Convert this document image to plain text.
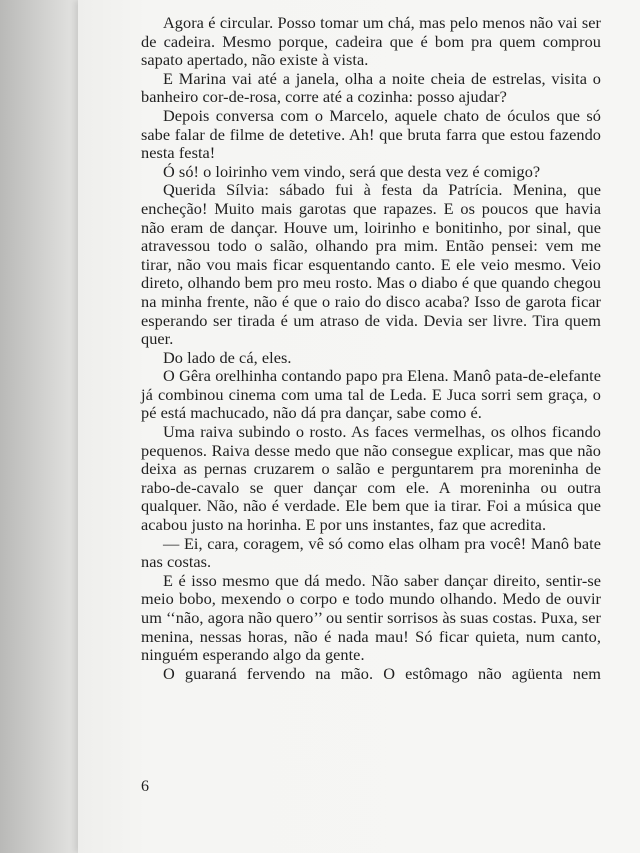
Agora é circular. Posso tomar um chá, mas pelo menos não vai ser de cadeira. Mesmo porque, cadeira que é bom pra quem comprou sapato apertado, não existe à vista.

E Marina vai até a janela, olha a noite cheia de estrelas, visita o banheiro cor-de-rosa, corre até a cozinha: posso ajudar?

Depois conversa com o Marcelo, aquele chato de óculos que só sabe falar de filme de detetive. Ah! que bruta farra que estou fazendo nesta festa!

Ó só! o loirinho vem vindo, será que desta vez é comigo?

Querida Sílvia: sábado fui à festa da Patrícia. Menina, que encheção! Muito mais garotas que rapazes. E os poucos que havia não eram de dançar. Houve um, loirinho e bonitinho, por sinal, que atravessou todo o salão, olhando pra mim. Então pensei: vem me tirar, não vou mais ficar esquentando canto. E ele veio mesmo. Veio direto, olhando bem pro meu rosto. Mas o diabo é que quando chegou na minha frente, não é que o raio do disco acaba? Isso de garota ficar esperando ser tirada é um atraso de vida. Devia ser livre. Tira quem quer.

Do lado de cá, eles.

O Gêra orelhinha contando papo pra Elena. Manô pata-de-elefante já combinou cinema com uma tal de Leda. E Juca sorri sem graça, o pé está machucado, não dá pra dançar, sabe como é.

Uma raiva subindo o rosto. As faces vermelhas, os olhos ficando pequenos. Raiva desse medo que não consegue explicar, mas que não deixa as pernas cruzarem o salão e perguntarem pra moreninha de rabo-de-cavalo se quer dançar com ele. A moreninha ou outra qualquer. Não, não é verdade. Ele bem que ia tirar. Foi a música que acabou justo na horinha. E por uns instantes, faz que acredita.

— Ei, cara, coragem, vê só como elas olham pra você! Manô bate nas costas.

E é isso mesmo que dá medo. Não saber dançar direito, sentir-se meio bobo, mexendo o corpo e todo mundo olhando. Medo de ouvir um ‘‘não, agora não quero’’ ou sentir sorrisos às suas costas. Puxa, ser menina, nessas horas, não é nada mau! Só ficar quieta, num canto, ninguém esperando algo da gente.

O guaraná fervendo na mão. O estômago não agüenta nem

6
